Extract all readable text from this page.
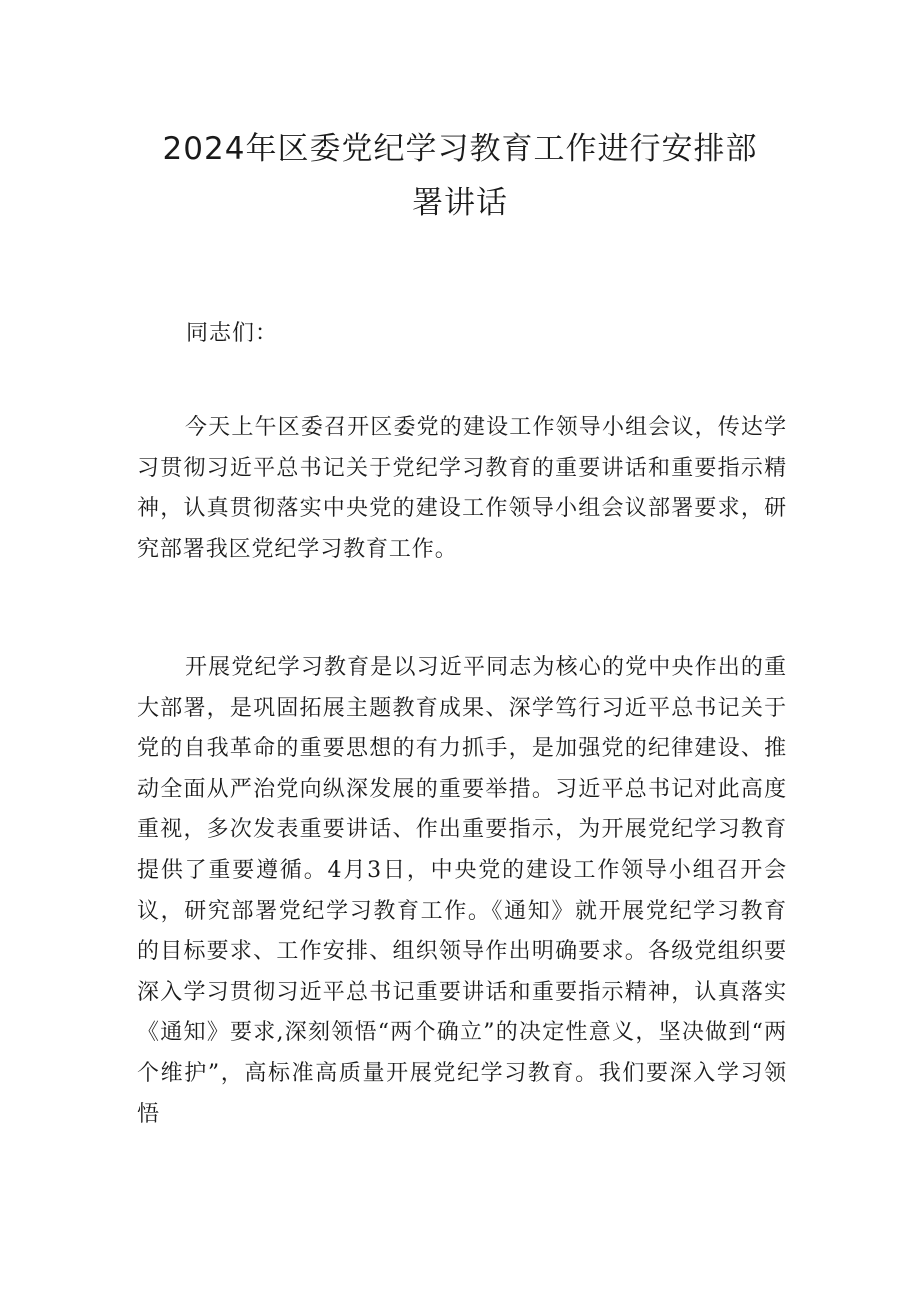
2024年区委党纪学习教育工作进行安排部
署讲话

同志们：

今天上午区委召开区委党的建设工作领导小组会议，传达学习贯彻习近平总书记关于党纪学习教育的重要讲话和重要指示精神，认真贯彻落实中央党的建设工作领导小组会议部署要求，研究部署我区党纪学习教育工作。

开展党纪学习教育是以习近平同志为核心的党中央作出的重大部署，是巩固拓展主题教育成果、深学笃行习近平总书记关于党的自我革命的重要思想的有力抓手，是加强党的纪律建设、推动全面从严治党向纵深发展的重要举措。习近平总书记对此高度重视，多次发表重要讲话、作出重要指示，为开展党纪学习教育提供了重要遵循。4月3日，中央党的建设工作领导小组召开会议，研究部署党纪学习教育工作。《通知》就开展党纪学习教育的目标要求、工作安排、组织领导作出明确要求。各级党组织要深入学习贯彻习近平总书记重要讲话和重要指示精神，认真落实《通知》要求,深刻领悟“两个确立”的决定性意义，坚决做到“两个维护”，高标准高质量开展党纪学习教育。我们要深入学习领悟
